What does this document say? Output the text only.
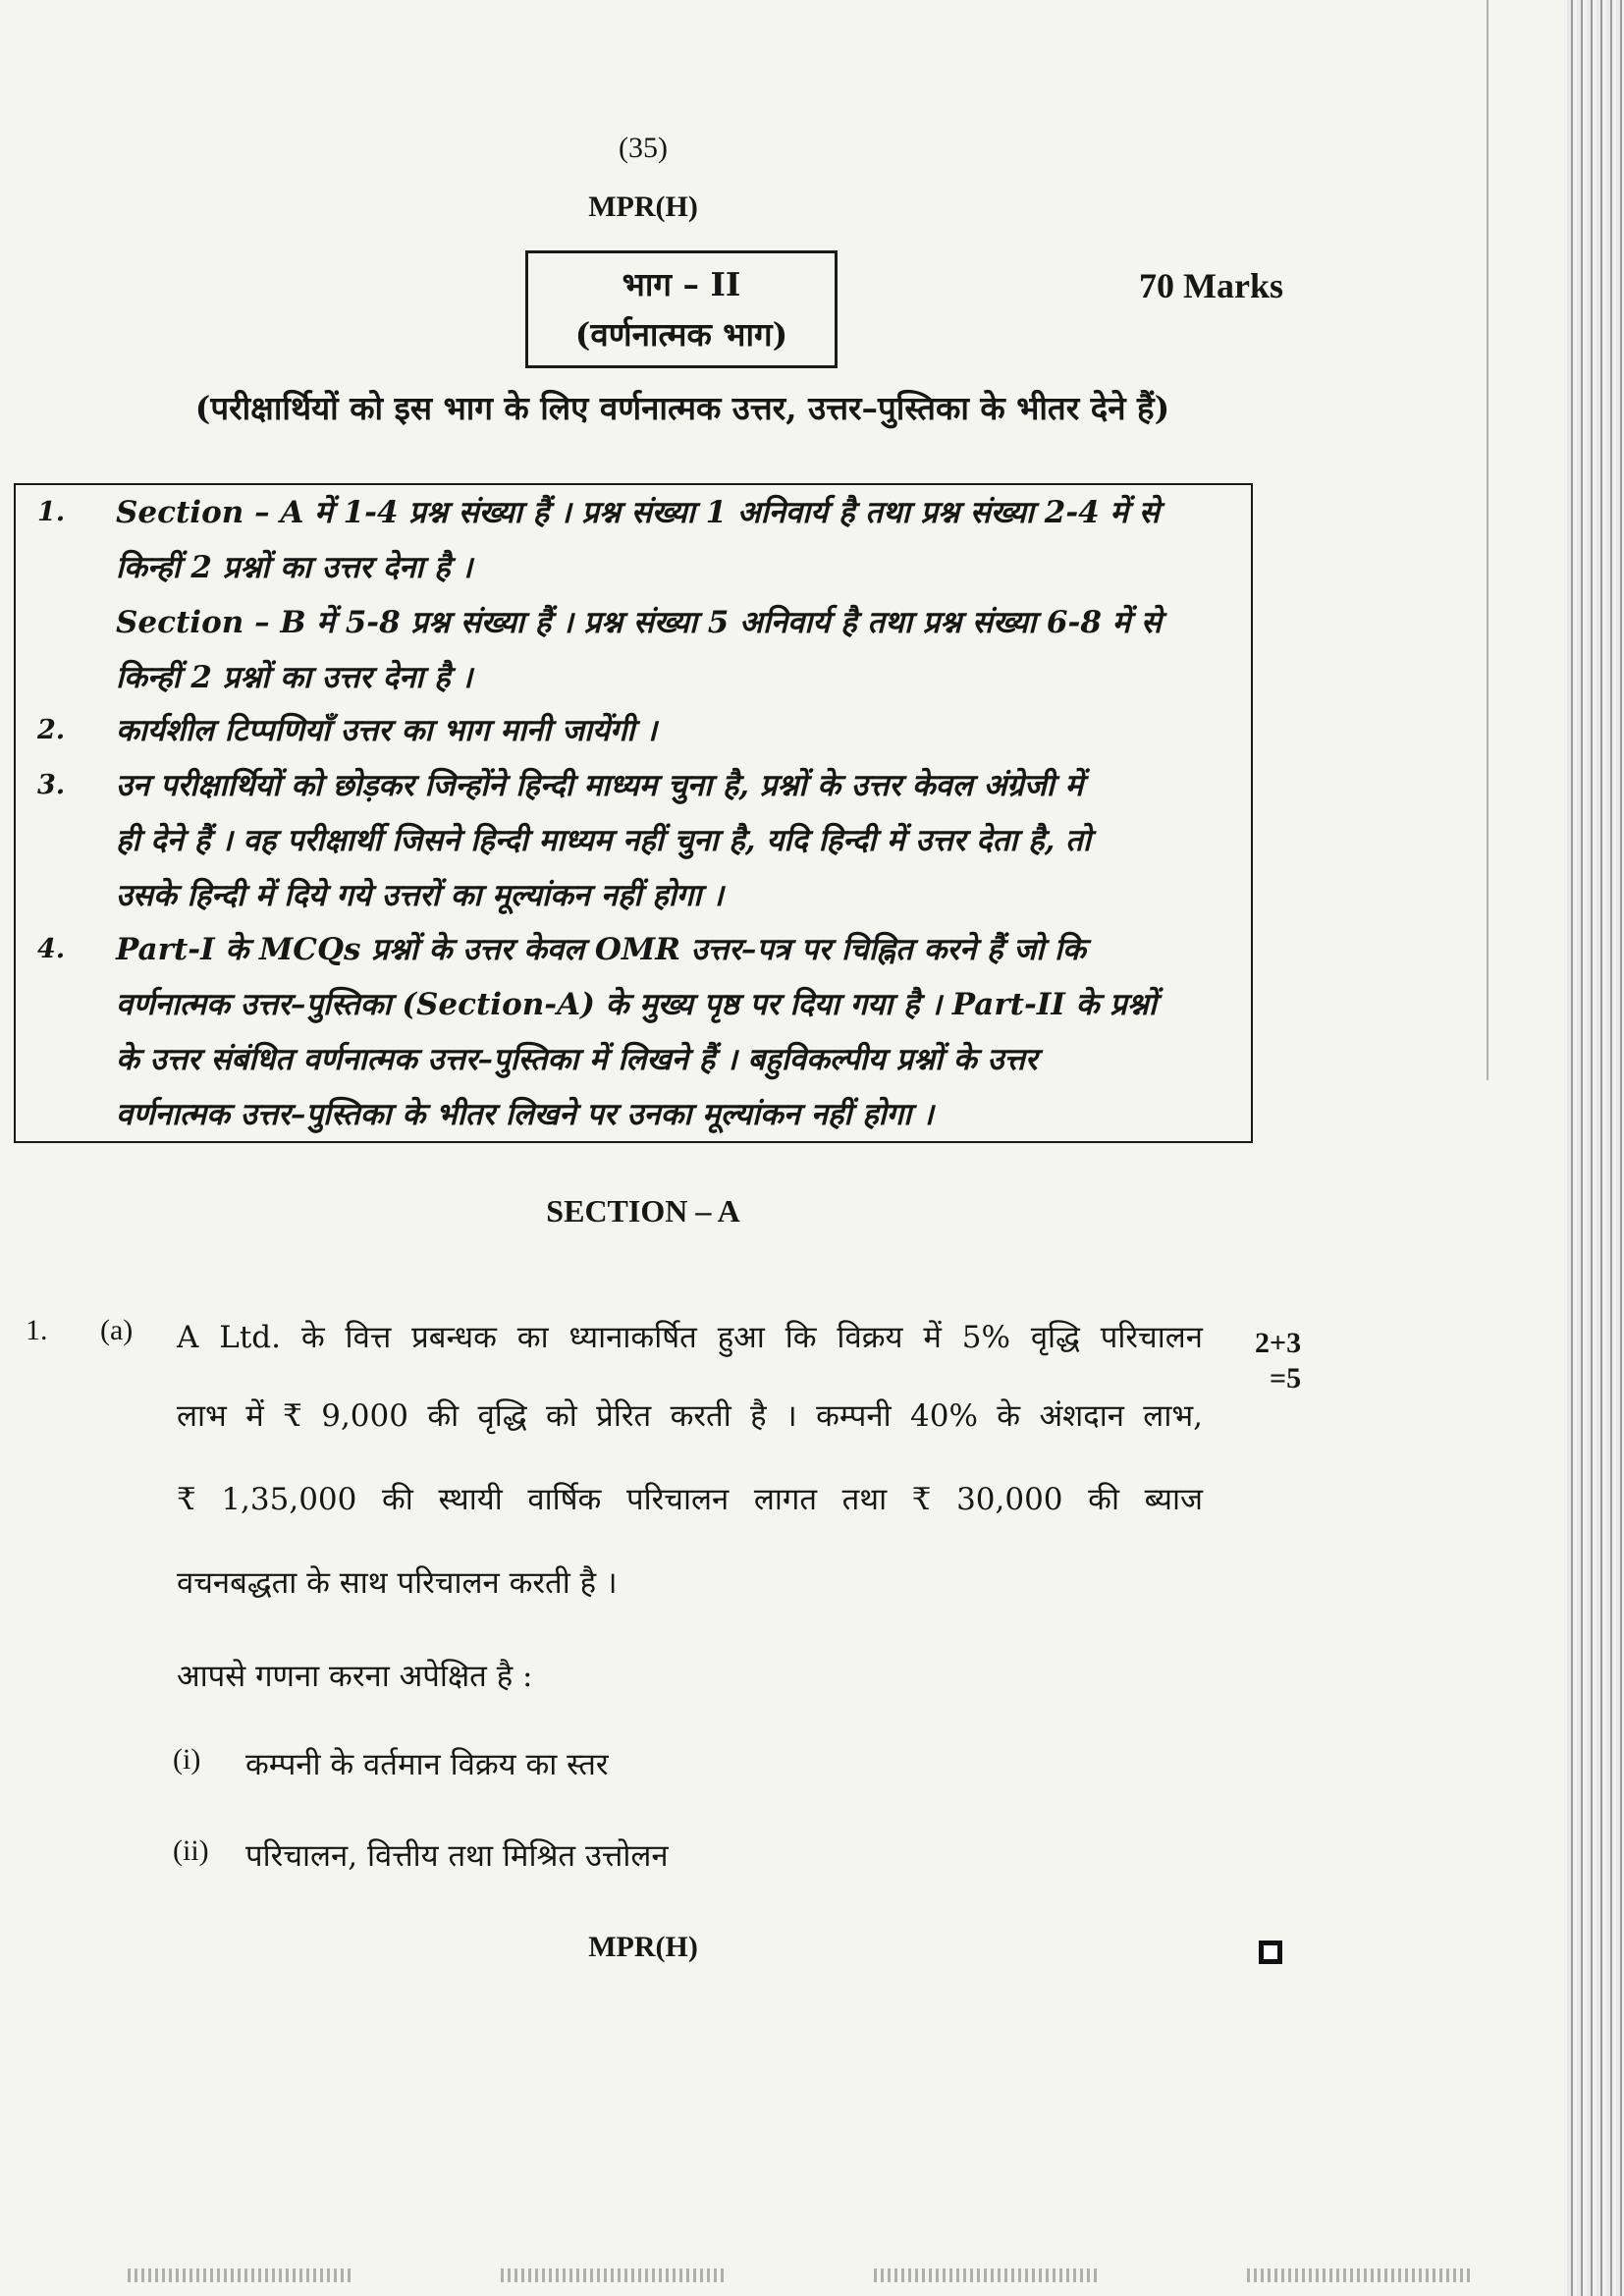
(35)
MPR(H)
भाग – II
(वर्णनात्मक भाग)
70 Marks
(परीक्षार्थियों को इस भाग के लिए वर्णनात्मक उत्तर, उत्तर–पुस्तिका के भीतर देने हैं)
1.	Section – A में 1-4 प्रश्न संख्या हैं । प्रश्न संख्या 1 अनिवार्य है तथा प्रश्न संख्या 2-4 में से
किन्हीं 2 प्रश्नों का उत्तर देना है ।
Section – B में 5-8 प्रश्न संख्या हैं । प्रश्न संख्या 5 अनिवार्य है तथा प्रश्न संख्या 6-8 में से
किन्हीं 2 प्रश्नों का उत्तर देना है ।
2.	कार्यशील टिप्पणियाँ उत्तर का भाग मानी जायेंगी ।
3.	उन परीक्षार्थियों को छोड़कर जिन्होंने हिन्दी माध्यम चुना है, प्रश्नों के उत्तर केवल अंग्रेजी में
ही देने हैं । वह परीक्षार्थी जिसने हिन्दी माध्यम नहीं चुना है, यदि हिन्दी में उत्तर देता है, तो
उसके हिन्दी में दिये गये उत्तरों का मूल्यांकन नहीं होगा ।
4.	Part-I के MCQs प्रश्नों के उत्तर केवल OMR उत्तर–पत्र पर चिह्नित करने हैं जो कि
वर्णनात्मक उत्तर–पुस्तिका (Section-A) के मुख्य पृष्ठ पर दिया गया है । Part-II के प्रश्नों
के उत्तर संबंधित वर्णनात्मक उत्तर–पुस्तिका में लिखने हैं । बहुविकल्पीय प्रश्नों के उत्तर
वर्णनात्मक उत्तर–पुस्तिका के भीतर लिखने पर उनका मूल्यांकन नहीं होगा ।
SECTION – A
1. (a) A Ltd. के वित्त प्रबन्धक का ध्यानाकर्षित हुआ कि विक्रय में 5% वृद्धि परिचालन
लाभ में ₹ 9,000 की वृद्धि को प्रेरित करती है । कम्पनी 40% के अंशदान लाभ,
₹ 1,35,000 की स्थायी वार्षिक परिचालन लागत तथा ₹ 30,000 की ब्याज
वचनबद्धता के साथ परिचालन करती है ।
2+3
=5
आपसे गणना करना अपेक्षित है :
(i) कम्पनी के वर्तमान विक्रय का स्तर
(ii) परिचालन, वित्तीय तथा मिश्रित उत्तोलन
MPR(H)
